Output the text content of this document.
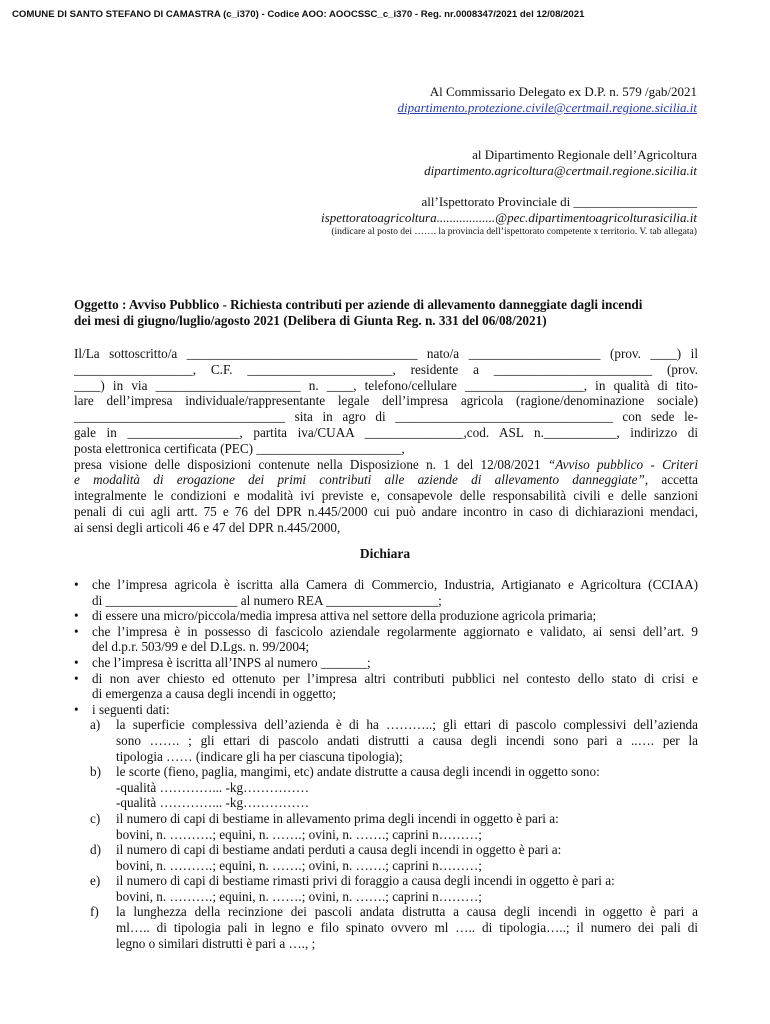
COMUNE DI SANTO STEFANO DI CAMASTRA (c_i370) - Codice AOO: AOOCSSC_c_i370 - Reg. nr.0008347/2021 del 12/08/2021
Al Commissario Delegato ex D.P. n. 579 /gab/2021
dipartimento.protezione.civile@certmail.regione.sicilia.it
al Dipartimento Regionale dell’Agricoltura
dipartimento.agricoltura@certmail.regione.sicilia.it
all’Ispettorato Provinciale di ___________________
ispettoratoagricoltura..................@pec.dipartimentoagricolturasicilia.it
(indicare al posto dei ……. la provincia dell’ispettorato competente x territorio. V. tab allegata)
Oggetto : Avviso Pubblico - Richiesta contributi per aziende di allevamento danneggiate dagli incendi
dei mesi di giugno/luglio/agosto 2021 (Delibera di Giunta Reg. n. 331 del 06/08/2021)
Il/La sottoscritto/a ___________________________________ nato/a ____________________ (prov. ____) il
__________________, C.F. ______________________, residente a ________________________ (prov.
____) in via ______________________ n. ____, telefono/cellulare __________________, in qualità di tito-
lare dell’impresa individuale/rappresentante legale dell’impresa agricola (ragione/denominazione sociale)
________________________________ sita in agro di _________________________________ con sede le-
gale in _________________, partita iva/CUAA _______________,cod. ASL n.___________, indirizzo di
posta elettronica certificata (PEC) ______________________,
presa visione delle disposizioni contenute nella Disposizione n. 1 del 12/08/2021 “Avviso pubblico - Criteri
e modalità di erogazione dei primi contributi alle aziende di allevamento danneggiate”, accetta
integralmente le condizioni e modalità ivi previste e, consapevole delle responsabilità civili e delle sanzioni
penali di cui agli artt. 75 e 76 del DPR n.445/2000 cui può andare incontro in caso di dichiarazioni mendaci,
ai sensi degli articoli 46 e 47 del DPR n.445/2000,
Dichiara
• che l’impresa agricola è iscritta alla Camera di Commercio, Industria, Artigianato e Agricoltura (CCIAA)
di ____________________ al numero REA _________________;
• di essere una micro/piccola/media impresa attiva nel settore della produzione agricola primaria;
• che l’impresa è in possesso di fascicolo aziendale regolarmente aggiornato e validato, ai sensi dell’art. 9
del d.p.r. 503/99 e del D.Lgs. n. 99/2004;
• che l’impresa è iscritta all’INPS al numero _______;
• di non aver chiesto ed ottenuto per l’impresa altri contributi pubblici nel contesto dello stato di crisi e
di emergenza a causa degli incendi in oggetto;
• i seguenti dati:
a) la superficie complessiva dell’azienda è di ha ………..; gli ettari di pascolo complessivi dell’azienda
sono ……. ; gli ettari di pascolo andati distrutti a causa degli incendi sono pari a ..…. per la
tipologia …… (indicare gli ha per ciascuna tipologia);
b) le scorte (fieno, paglia, mangimi, etc) andate distrutte a causa degli incendi in oggetto sono:
-qualità …………... -kg……………
-qualità …………... -kg……………
c) il numero di capi di bestiame in allevamento prima degli incendi in oggetto è pari a:
bovini, n. ……….; equini, n. …….; ovini, n. …….; caprini n………;
d) il numero di capi di bestiame andati perduti a causa degli incendi in oggetto è pari a:
bovini, n. ……….; equini, n. …….; ovini, n. …….; caprini n………;
e) il numero di capi di bestiame rimasti privi di foraggio a causa degli incendi in oggetto è pari a:
bovini, n. ……….; equini, n. …….; ovini, n. …….; caprini n………;
f) la lunghezza della recinzione dei pascoli andata distrutta a causa degli incendi in oggetto è pari a
ml….. di tipologia pali in legno e filo spinato ovvero ml ….. di tipologia…..; il numero dei pali di
legno o similari distrutti è pari a …., ;
